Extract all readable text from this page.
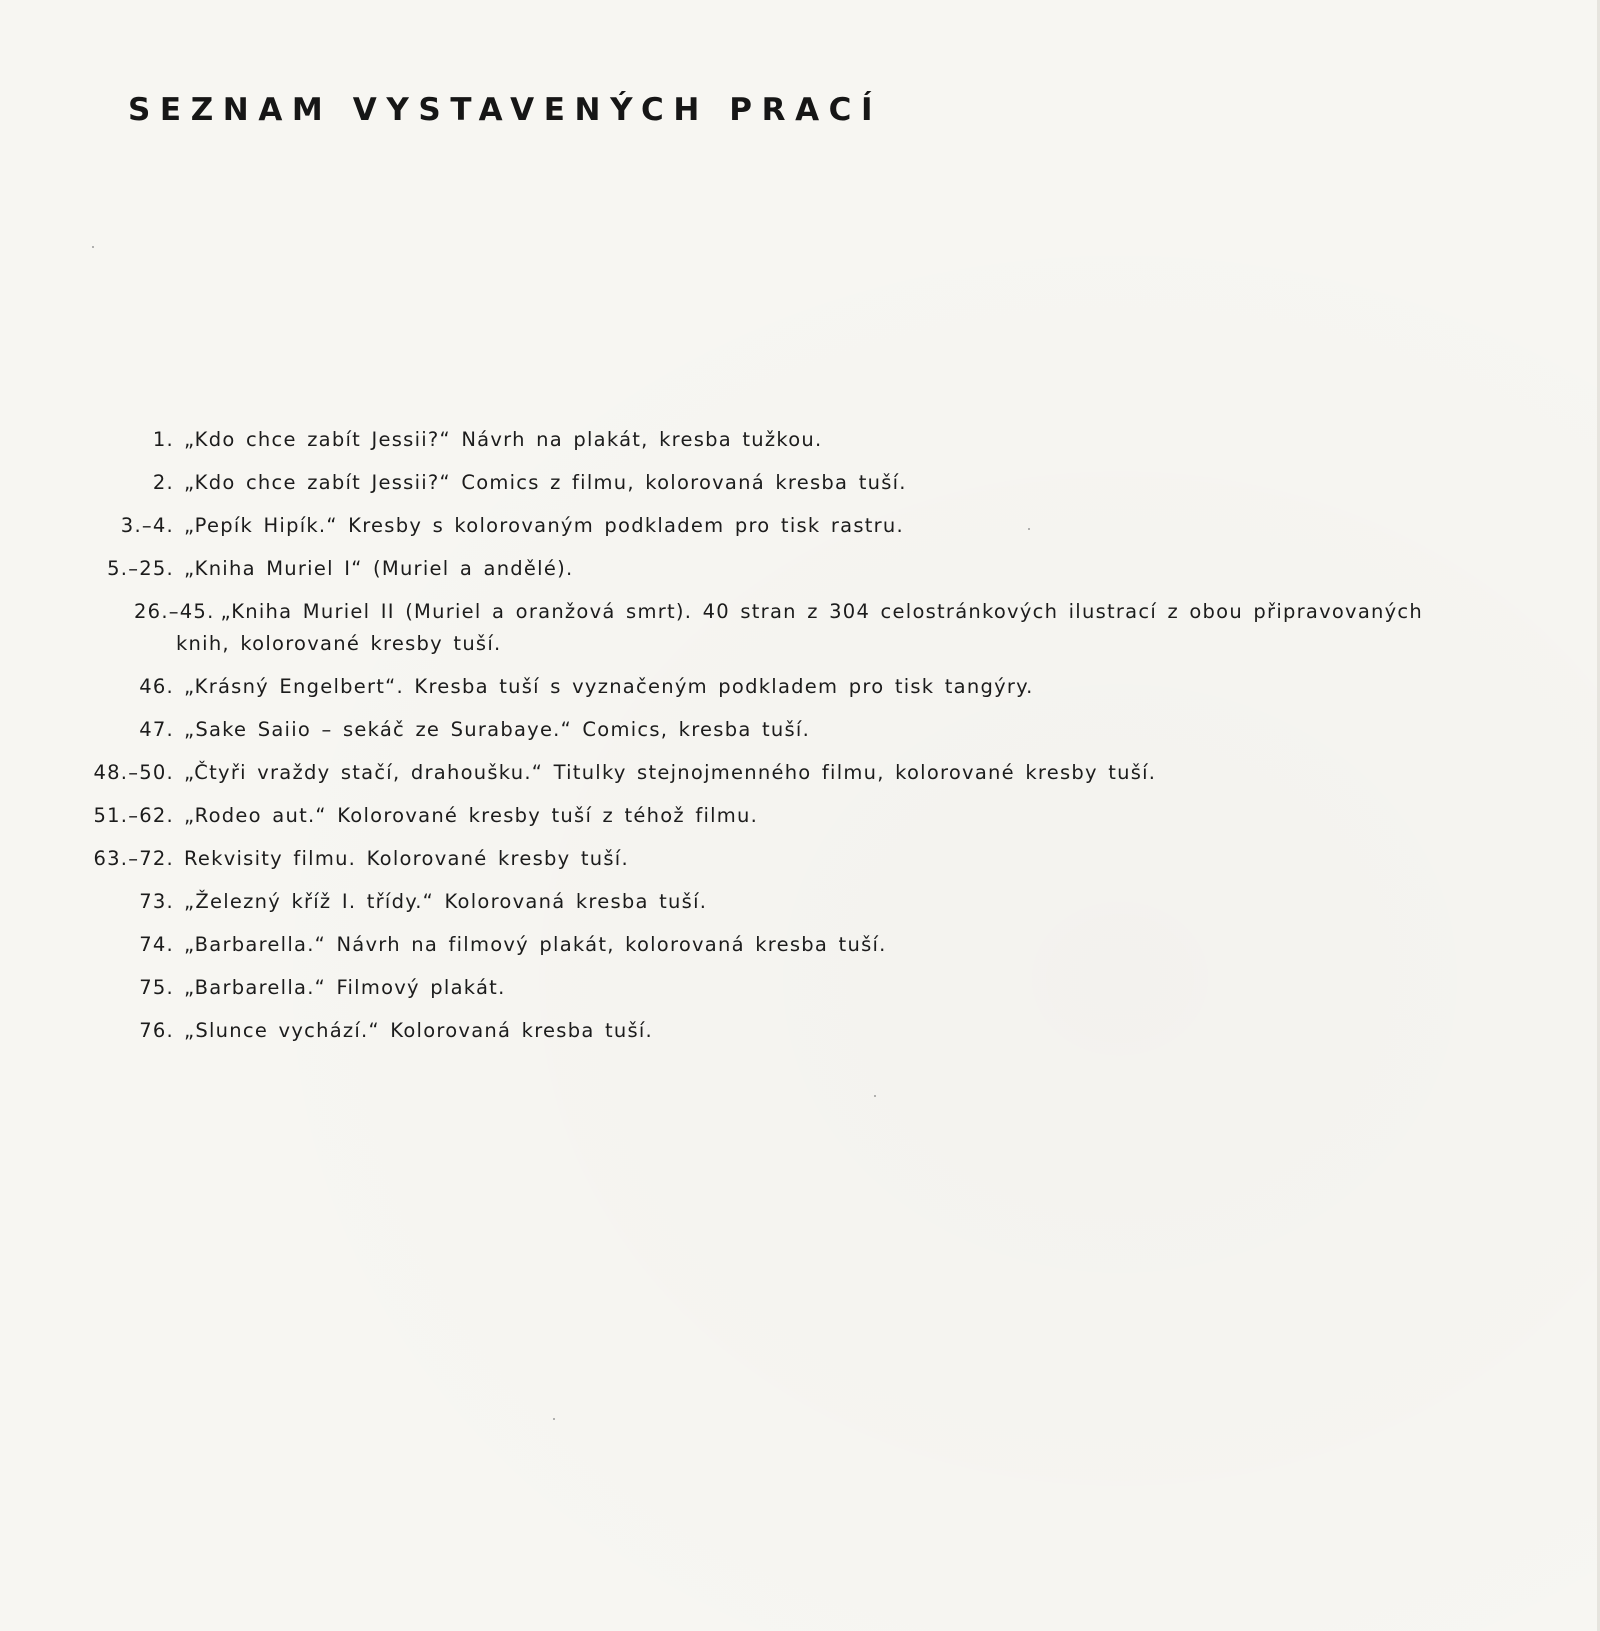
SEZNAM VYSTAVENÝCH PRACÍ
1. „Kdo chce zabít Jessii?“ Návrh na plakát, kresba tužkou.
2. „Kdo chce zabít Jessii?“ Comics z filmu, kolorovaná kresba tuší.
3.–4. „Pepík Hipík.“ Kresby s kolorovaným podkladem pro tisk rastru.
5.–25. „Kniha Muriel I“ (Muriel a andělé).
26.–45. „Kniha Muriel II (Muriel a oranžová smrt). 40 stran z 304 celostránkových ilustrací z obou připravovaných knih, kolorované kresby tuší.
46. „Krásný Engelbert“. Kresba tuší s vyznačeným podkladem pro tisk tangýry.
47. „Sake Saiio – sekáč ze Surabaye.“ Comics, kresba tuší.
48.–50. „Čtyři vraždy stačí, drahoušku.“ Titulky stejnojmenného filmu, kolorované kresby tuší.
51.–62. „Rodeo aut.“ Kolorované kresby tuší z téhož filmu.
63.–72. Rekvisity filmu. Kolorované kresby tuší.
73. „Železný kříž I. třídy.“ Kolorovaná kresba tuší.
74. „Barbarella.“ Návrh na filmový plakát, kolorovaná kresba tuší.
75. „Barbarella.“ Filmový plakát.
76. „Slunce vychází.“ Kolorovaná kresba tuší.
